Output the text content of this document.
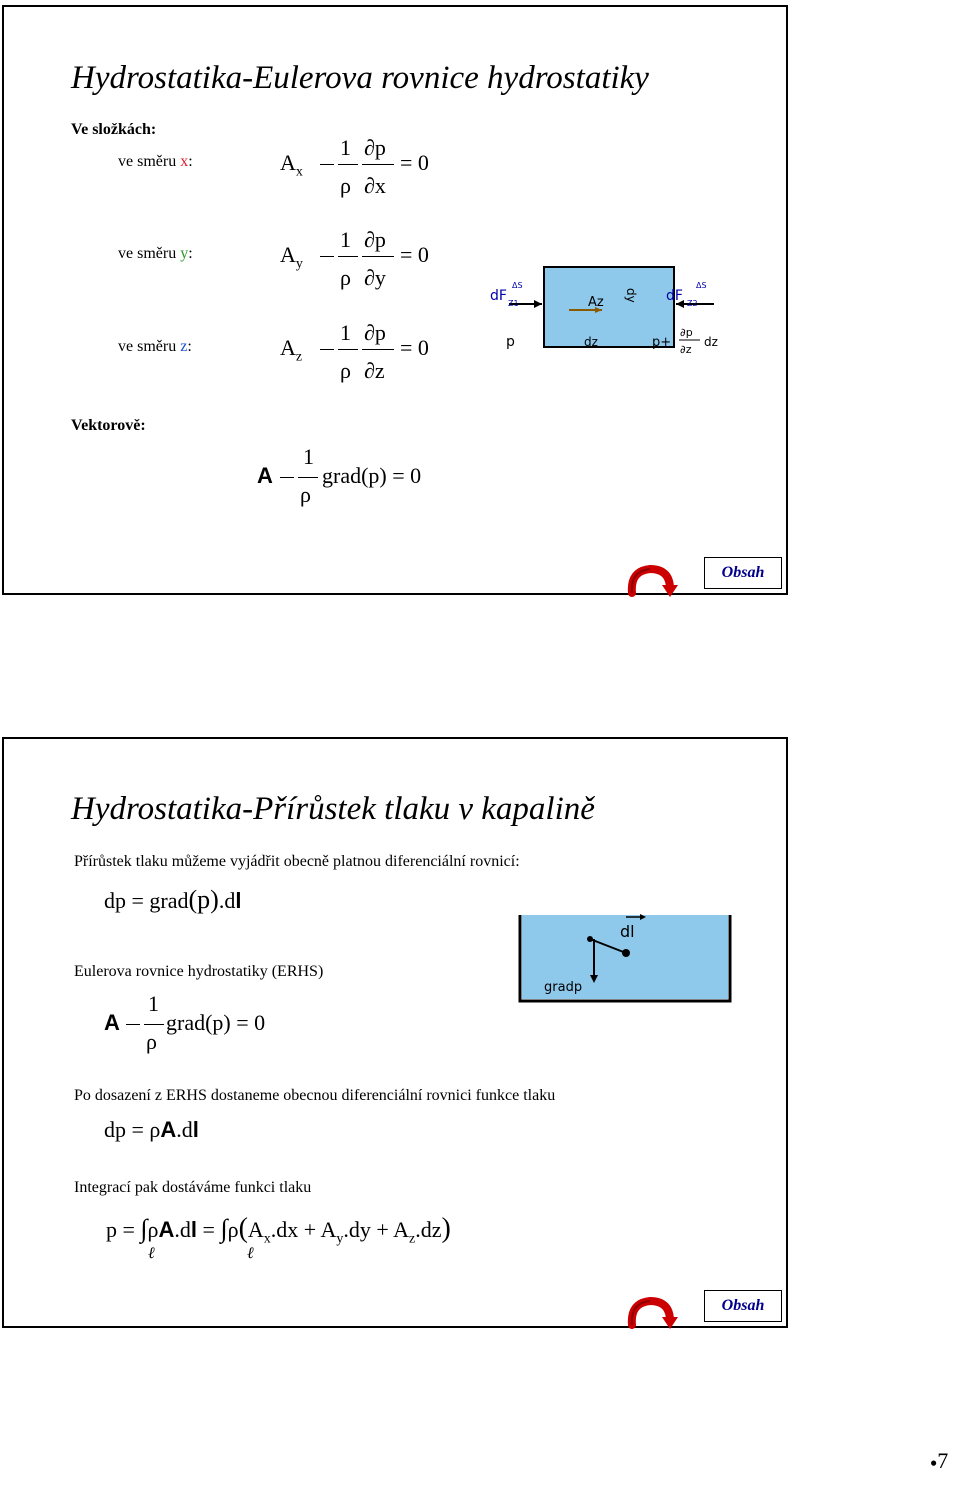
Hydrostatika-Eulerova rovnice hydrostatiky
Ve složkách:
ve směru x:	$A_x$
1
ρ
∂p
∂x
= 0
ve směru y:	$A_y$
1
ρ
∂p
∂y
= 0
ve směru z:	$A_z$
1
ρ
∂p
∂z
= 0
dF Z1
ΔS
Az dy dF Z2
ΔS
p	dz	p+
∂p
∂z
dz
Vektorově:
A
1
ρ
grad(p) = 0
Obsah
Hydrostatika-Přírůstek tlaku v kapalině
Přírůstek tlaku můžeme vyjádřit obecně platnou diferenciální rovnicí:
dp = grad(p).dl
dl
gradp
Eulerova rovnice hydrostatiky (ERHS)
A
1
ρ
grad(p) = 0
Po dosazení z ERHS dostaneme obecnou diferenciální rovnici funkce tlaku
dp = ρA.dl
Integrací pak dostáváme funkci tlaku
$p = \int\rho A.dl = \int\rho(A_x.dx + A_y.dy + A_z.dz)$
ℓ	ℓ
Obsah
●7
